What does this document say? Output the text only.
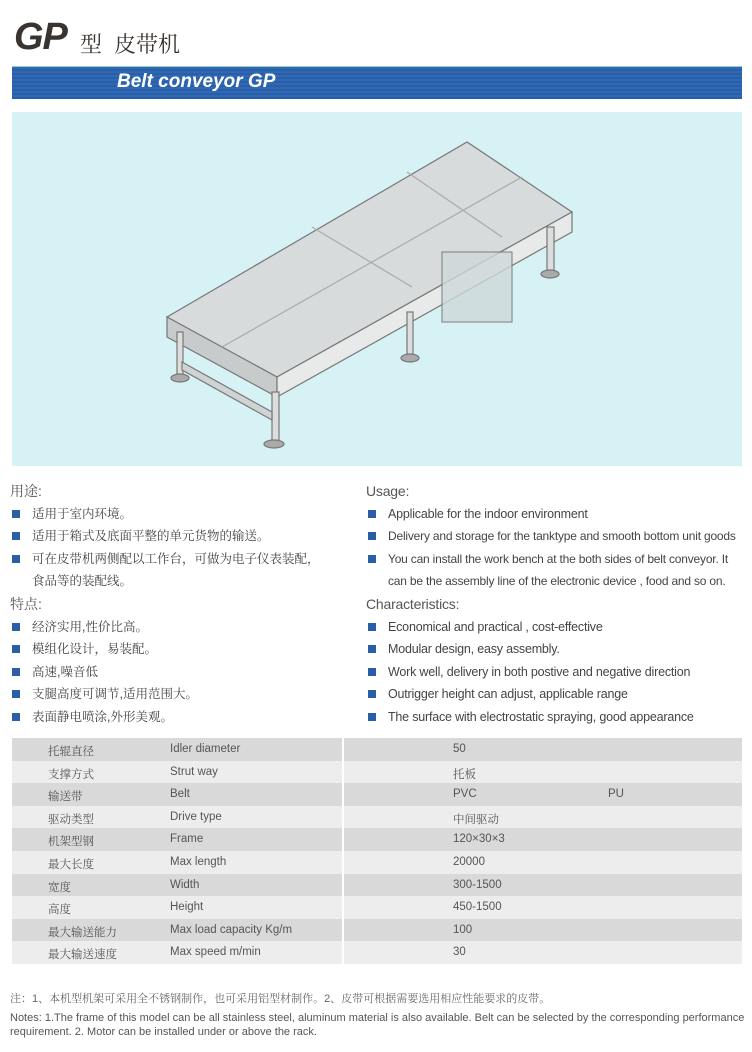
GP 型 皮带机
Belt conveyor GP
用途:
适用于室内环境。
适用于箱式及底面平整的单元货物的输送。
可在皮带机两侧配以工作台，可做为电子仪表装配，
食品等的装配线。
特点:
经济实用,性价比高。
模组化设计，易装配。
高速,噪音低
支腿高度可调节,适用范围大。
表面静电喷涂,外形美观。
Usage:
Applicable for the indoor environment
Delivery and storage for the tanktype and smooth bottom unit goods
You can install the work bench at the both sides of belt conveyor. It
can be the assembly line of the electronic device , food and so on.
Characteristics:
Economical and practical , cost-effective
Modular design, easy assembly.
Work well, delivery in both postive and negative direction
Outrigger height can adjust, applicable range
The surface with electrostatic spraying, good appearance
托辊直径	Idler diameter	50
支撑方式	Strut way	托板
输送带	Belt	PVC	PU
驱动类型	Drive type	中间驱动
机架型钢	Frame	120×30×3
最大长度	Max length	20000
宽度	Width	300-1500
高度	Height	450-1500
最大输送能力	Max load capacity Kg/m	100
最大输送速度	Max speed m/min	30
注：1、本机型机架可采用全不锈钢制作，也可采用铝型材制作。2、皮带可根据需要选用相应性能要求的皮带。
Notes: 1.The frame of this model can be all stainless steel, aluminum material is also available. Belt can be selected by the corresponding performance requirement. 2. Motor can be installed under or above the rack.
